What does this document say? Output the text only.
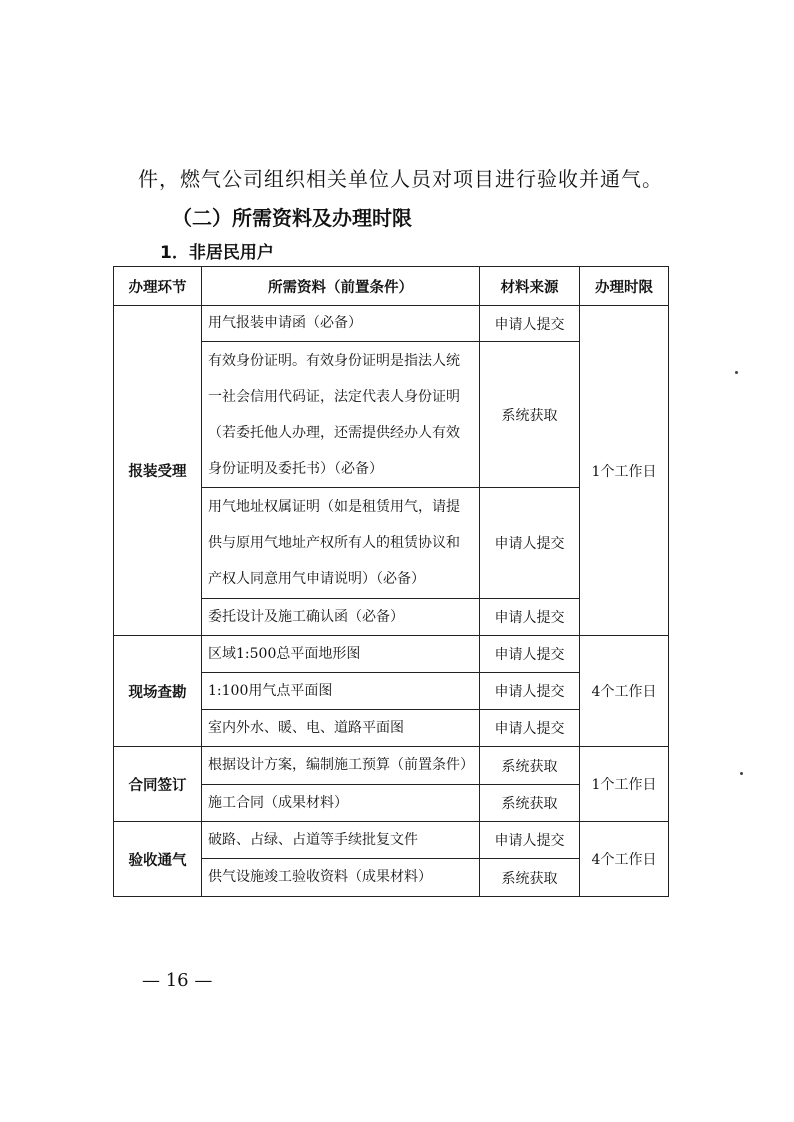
件，燃气公司组织相关单位人员对项目进行验收并通气。
（二）所需资料及办理时限
1．非居民用户
办理环节	所需资料（前置条件）	材料来源	办理时限
报装受理	用气报装申请函（必备）	申请人提交	1个工作日
	有效身份证明。有效身份证明是指法人统一社会信用代码证，法定代表人身份证明（若委托他人办理，还需提供经办人有效身份证明及委托书）（必备）	系统获取	
	用气地址权属证明（如是租赁用气，请提供与原用气地址产权所有人的租赁协议和产权人同意用气申请说明）（必备）	申请人提交	
	委托设计及施工确认函（必备）	申请人提交	
现场查勘	区域1:500总平面地形图	申请人提交	4个工作日
	1:100用气点平面图	申请人提交	
	室内外水、暖、电、道路平面图	申请人提交	
合同签订	根据设计方案，编制施工预算（前置条件）	系统获取	1个工作日
	施工合同（成果材料）	系统获取	
验收通气	破路、占绿、占道等手续批复文件	申请人提交	4个工作日
	供气设施竣工验收资料（成果材料）	系统获取	
— 16 —
